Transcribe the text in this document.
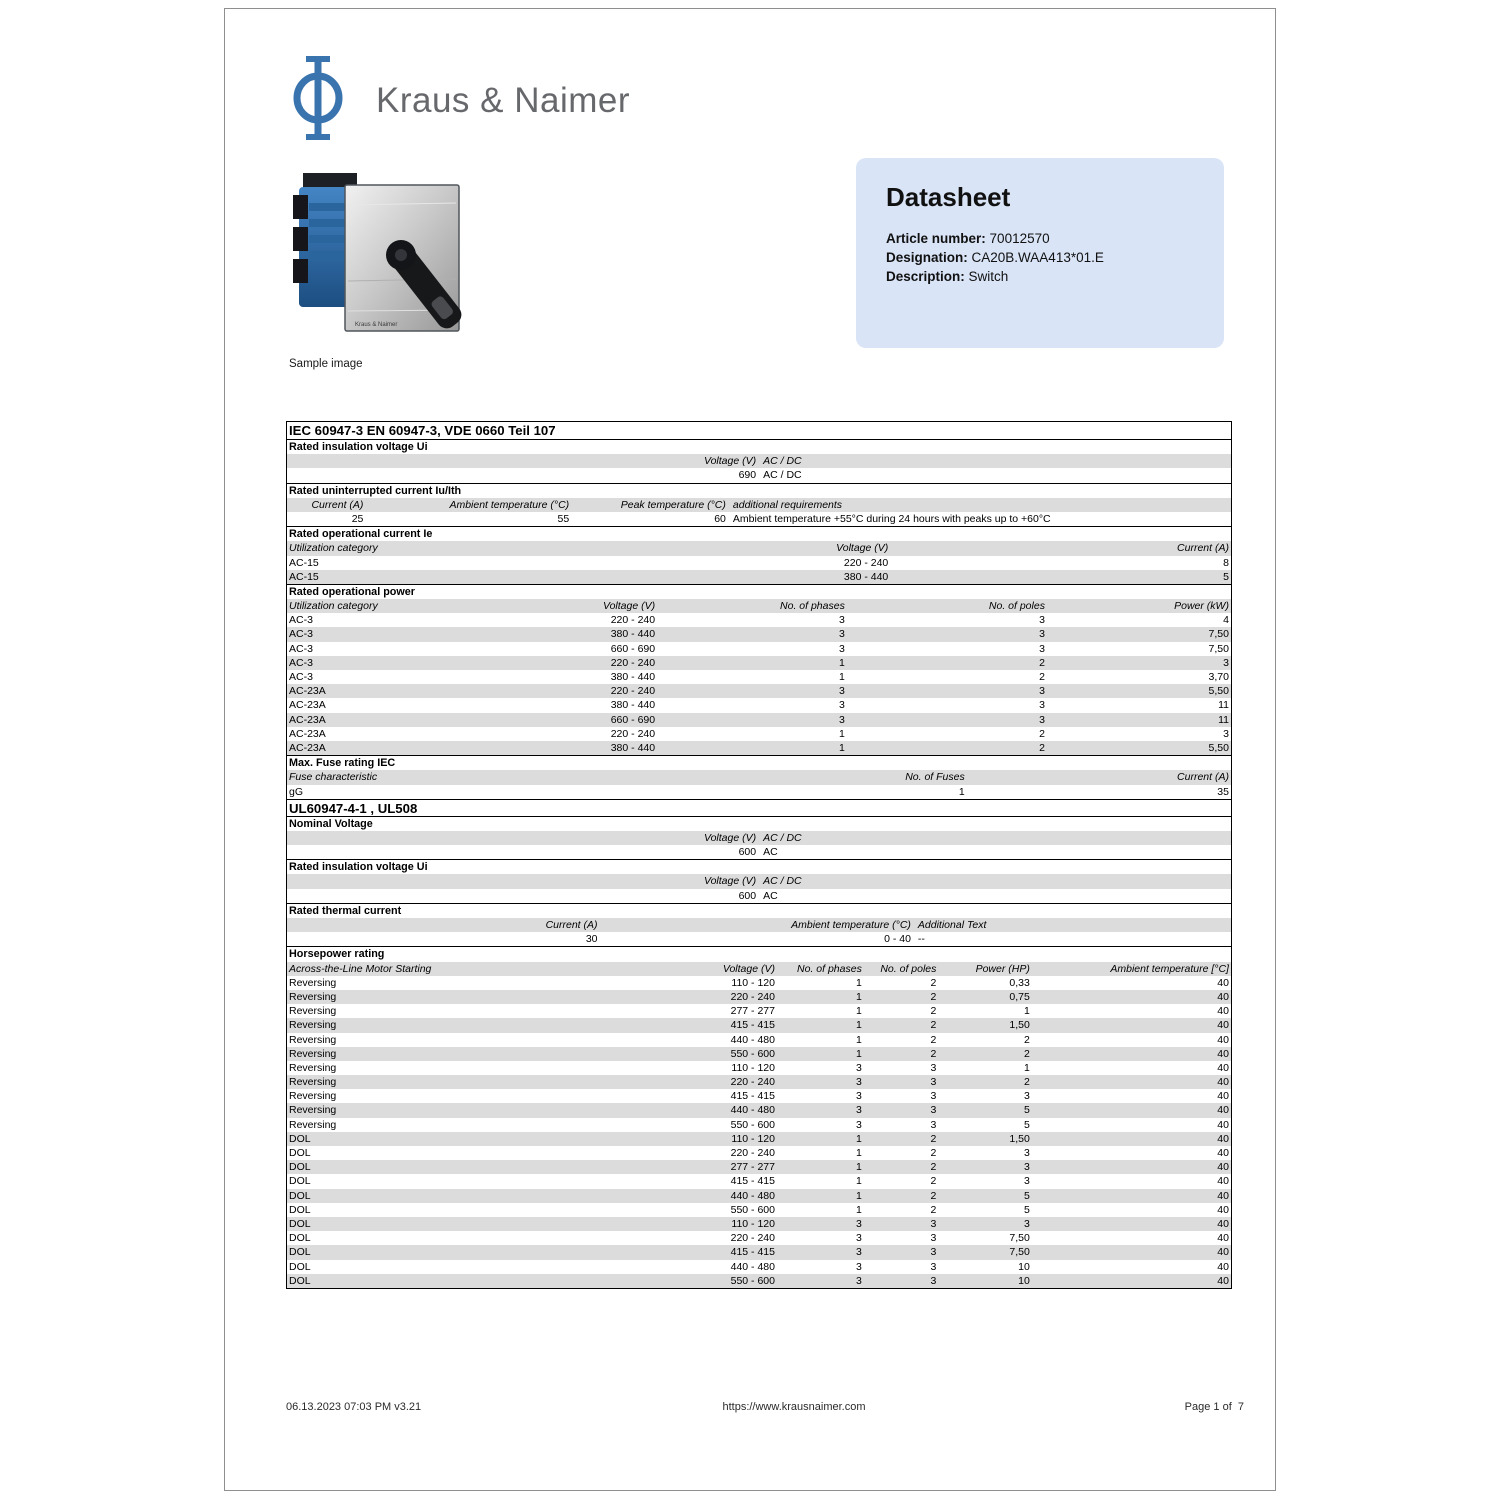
Kraus & Naimer
Kraus & Naimer
Sample image
Datasheet
Article number: 70012570
Designation: CA20B.WAA413*01.E
Description: Switch
IEC 60947-3 EN 60947-3, VDE 0660 Teil 107
Rated insulation voltage Ui
Voltage (V) AC / DC
690 AC / DC
Rated uninterrupted current Iu/Ith
Current (A)	Ambient temperature (°C)	Peak temperature (°C) additional requirements
25	55	60 Ambient temperature +55°C during 24 hours with peaks up to +60°C
Rated operational current Ie
Utilization category	Voltage (V)	Current (A)
AC-15	220 - 240	8
AC-15	380 - 440	5
Rated operational power
Utilization category	Voltage (V)	No. of phases	No. of poles	Power (kW)
AC-3	220 - 240	3	3	4
AC-3	380 - 440	3	3	7,50
AC-3	660 - 690	3	3	7,50
AC-3	220 - 240	1	2	3
AC-3	380 - 440	1	2	3,70
AC-23A	220 - 240	3	3	5,50
AC-23A	380 - 440	3	3	11
AC-23A	660 - 690	3	3	11
AC-23A	220 - 240	1	2	3
AC-23A	380 - 440	1	2	5,50
Max. Fuse rating IEC
Fuse characteristic	No. of Fuses	Current (A)
gG	1	35
UL60947-4-1 , UL508
Nominal Voltage
Voltage (V) AC / DC
600 AC
Rated insulation voltage Ui
Voltage (V) AC / DC
600 AC
Rated thermal current
Current (A)	Ambient temperature (°C) Additional Text
30	0 - 40 --
Horsepower rating
Across-the-Line Motor Starting	Voltage (V)	No. of phases	No. of poles	Power (HP)	Ambient temperature [°C]
Reversing	110 - 120	1	2	0,33	40
Reversing	220 - 240	1	2	0,75	40
Reversing	277 - 277	1	2	1	40
Reversing	415 - 415	1	2	1,50	40
Reversing	440 - 480	1	2	2	40
Reversing	550 - 600	1	2	2	40
Reversing	110 - 120	3	3	1	40
Reversing	220 - 240	3	3	2	40
Reversing	415 - 415	3	3	3	40
Reversing	440 - 480	3	3	5	40
Reversing	550 - 600	3	3	5	40
DOL	110 - 120	1	2	1,50	40
DOL	220 - 240	1	2	3	40
DOL	277 - 277	1	2	3	40
DOL	415 - 415	1	2	3	40
DOL	440 - 480	1	2	5	40
DOL	550 - 600	1	2	5	40
DOL	110 - 120	3	3	3	40
DOL	220 - 240	3	3	7,50	40
DOL	415 - 415	3	3	7,50	40
DOL	440 - 480	3	3	10	40
DOL	550 - 600	3	3	10	40
06.13.2023 07:03 PM v3.21	https://www.krausnaimer.com	Page 1 of  7
